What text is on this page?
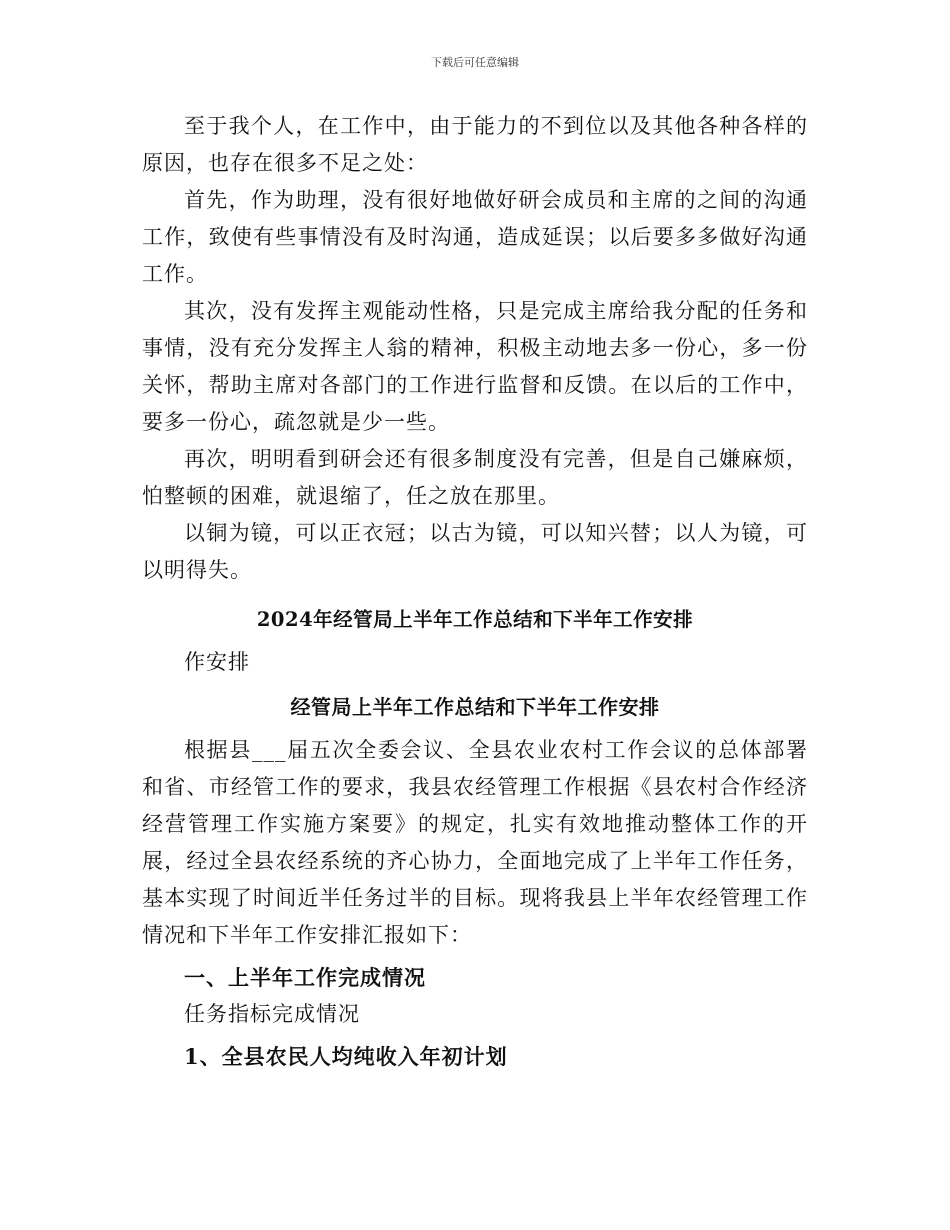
下载后可任意编辑

至于我个人，在工作中，由于能力的不到位以及其他各种各样的原因，也存在很多不足之处：

首先，作为助理，没有很好地做好研会成员和主席的之间的沟通工作，致使有些事情没有及时沟通，造成延误；以后要多多做好沟通工作。

其次，没有发挥主观能动性格，只是完成主席给我分配的任务和事情，没有充分发挥主人翁的精神，积极主动地去多一份心，多一份关怀，帮助主席对各部门的工作进行监督和反馈。在以后的工作中，要多一份心，疏忽就是少一些。

再次，明明看到研会还有很多制度没有完善，但是自己嫌麻烦，怕整顿的困难，就退缩了，任之放在那里。

以铜为镜，可以正衣冠；以古为镜，可以知兴替；以人为镜，可以明得失。

2024年经管局上半年工作总结和下半年工作安排

作安排

经管局上半年工作总结和下半年工作安排

根据县___届五次全委会议、全县农业农村工作会议的总体部署和省、市经管工作的要求，我县农经管理工作根据《县农村合作经济经营管理工作实施方案要》的规定，扎实有效地推动整体工作的开展，经过全县农经系统的齐心协力，全面地完成了上半年工作任务，基本实现了时间近半任务过半的目标。现将我县上半年农经管理工作情况和下半年工作安排汇报如下：

一、上半年工作完成情况

任务指标完成情况

1、全县农民人均纯收入年初计划
